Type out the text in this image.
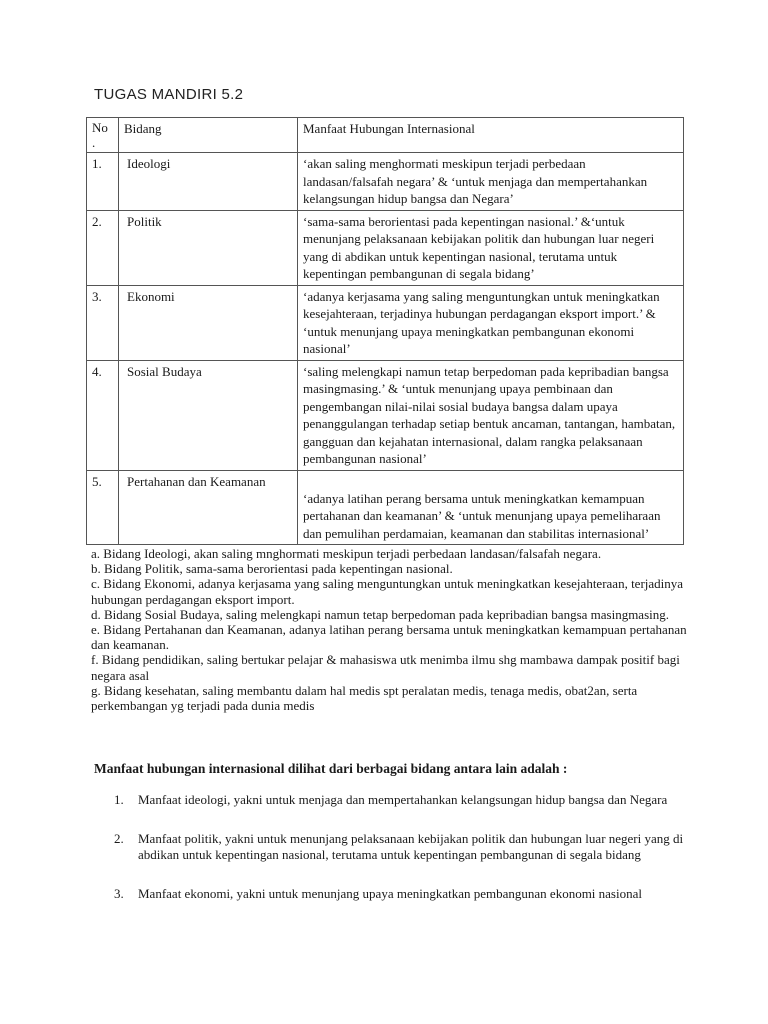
TUGAS MANDIRI 5.2
No
.	Bidang	Manfaat Hubungan Internasional
1.	Ideologi	‘akan saling menghormati meskipun terjadi perbedaan landasan/falsafah negara’ & ‘untuk menjaga dan mempertahankan kelangsungan hidup bangsa dan Negara’
2.	Politik	‘sama-sama berorientasi pada kepentingan nasional.’ &‘untuk menunjang pelaksanaan kebijakan politik dan hubungan luar negeri yang di abdikan untuk kepentingan nasional, terutama untuk kepentingan pembangunan di segala bidang’
3.	Ekonomi	‘adanya kerjasama yang saling menguntungkan untuk meningkatkan kesejahteraan, terjadinya hubungan perdagangan eksport import.’ & ‘untuk menunjang upaya meningkatkan pembangunan ekonomi nasional’
4.	Sosial Budaya	‘saling melengkapi namun tetap berpedoman pada kepribadian bangsa masingmasing.’ & ‘untuk menunjang upaya pembinaan dan pengembangan nilai-nilai sosial budaya bangsa dalam upaya penanggulangan terhadap setiap bentuk ancaman, tantangan, hambatan, gangguan dan kejahatan internasional, dalam rangka pelaksanaan pembangunan nasional’
5.	Pertahanan dan Keamanan	‘adanya latihan perang bersama untuk meningkatkan kemampuan pertahanan dan keamanan’ & ‘untuk menunjang upaya pemeliharaan dan pemulihan perdamaian, keamanan dan stabilitas internasional’
a. Bidang Ideologi, akan saling mnghormati meskipun terjadi perbedaan landasan/falsafah negara.
b. Bidang Politik, sama-sama berorientasi pada kepentingan nasional.
c. Bidang Ekonomi, adanya kerjasama yang saling menguntungkan untuk meningkatkan kesejahteraan, terjadinya hubungan perdagangan eksport import.
d. Bidang Sosial Budaya, saling melengkapi namun tetap berpedoman pada kepribadian bangsa masingmasing.
e. Bidang Pertahanan dan Keamanan, adanya latihan perang bersama untuk meningkatkan kemampuan pertahanan dan keamanan.
f. Bidang pendidikan, saling bertukar pelajar & mahasiswa utk menimba ilmu shg mambawa dampak positif bagi negara asal
g. Bidang kesehatan, saling membantu dalam hal medis spt peralatan medis, tenaga medis, obat2an, serta perkembangan yg terjadi pada dunia medis
Manfaat hubungan internasional dilihat dari berbagai bidang antara lain adalah :
1. Manfaat ideologi, yakni untuk menjaga dan mempertahankan kelangsungan hidup bangsa dan Negara
2. Manfaat politik, yakni untuk menunjang pelaksanaan kebijakan politik dan hubungan luar negeri yang di abdikan untuk kepentingan nasional, terutama untuk kepentingan pembangunan di segala bidang
3. Manfaat ekonomi, yakni untuk menunjang upaya meningkatkan pembangunan ekonomi nasional
